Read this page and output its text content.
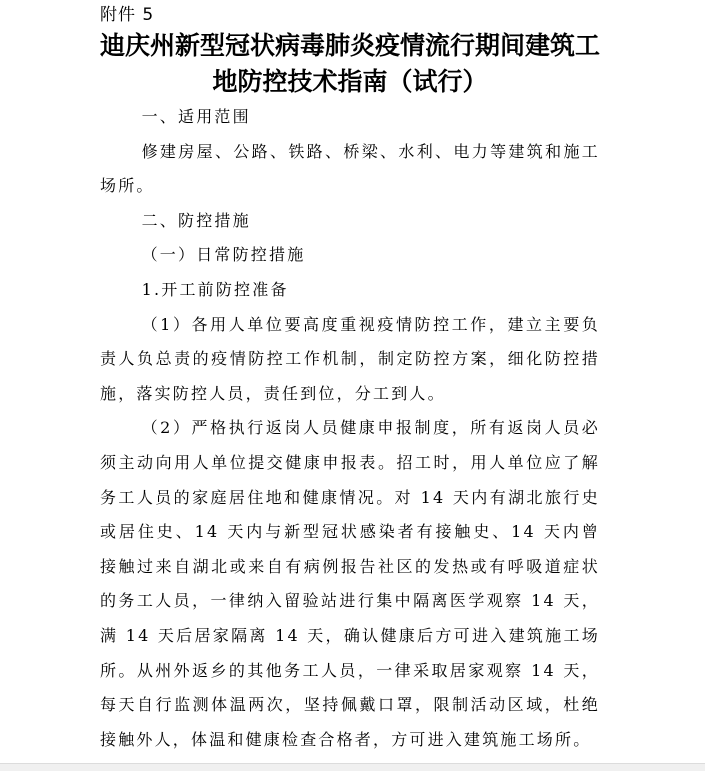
附件 5
迪庆州新型冠状病毒肺炎疫情流行期间建筑工地防控技术指南（试行）

一、适用范围

修建房屋、公路、铁路、桥梁、水利、电力等建筑和施工场所。

二、防控措施

（一）日常防控措施

1.开工前防控准备

（1）各用人单位要高度重视疫情防控工作，建立主要负责人负总责的疫情防控工作机制，制定防控方案，细化防控措施，落实防控人员，责任到位，分工到人。

（2）严格执行返岗人员健康申报制度，所有返岗人员必须主动向用人单位提交健康申报表。招工时，用人单位应了解务工人员的家庭居住地和健康情况。对 14 天内有湖北旅行史或居住史、14 天内与新型冠状感染者有接触史、14 天内曾接触过来自湖北或来自有病例报告社区的发热或有呼吸道症状的务工人员，一律纳入留验站进行集中隔离医学观察 14 天，满 14 天后居家隔离 14 天，确认健康后方可进入建筑施工场所。从州外返乡的其他务工人员，一律采取居家观察 14 天，每天自行监测体温两次，坚持佩戴口罩，限制活动区域，杜绝接触外人，体温和健康检查合格者，方可进入建筑施工场所。
